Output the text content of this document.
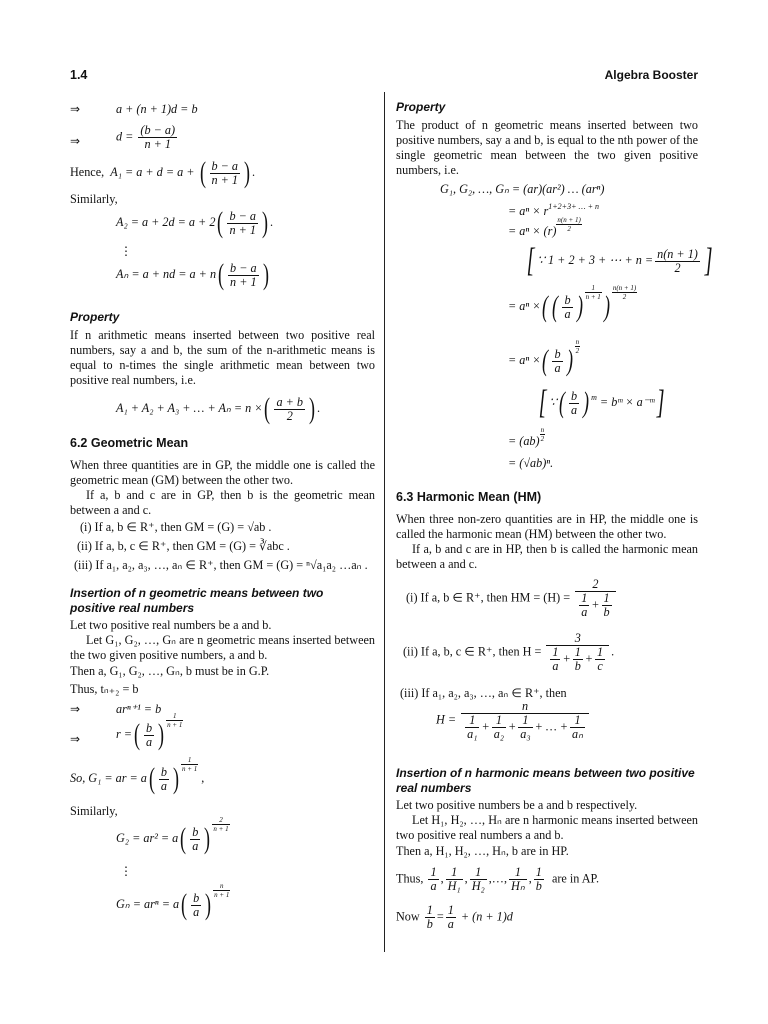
1.4	Algebra Booster
⇒	a + (n + 1)d = b
⇒	$d = \frac{(b - a)}{n + 1}$
Hence, A₁ = a + d = a + ( $\frac{b - a}{n + 1}$ ) .
Similarly,
$A_2 = a + 2d = a + 2( \frac{b - a}{n + 1}$ ) .
⋮
Aₙ = a + nd = $a + n( \frac{b - a}{n + 1}$ )
Property
If n arithmetic means inserted between two positive real numbers, say a and b, the sum of the n-arithmetic means is equal to n-times the single arithmetic mean between two positive real numbers, i.e.
A₁ + A₂ + A₃ + … + Aₙ = n ×( $\frac{a + b}{2}$ ) .
6.2 Geometric Mean
When three quantities are in GP, the middle one is called the geometric mean (GM) between the other two.
If a, b and c are in GP, then b is the geometric mean between a and c.
(i) If a, b ∈ R⁺, then GM = (G) = √ab .
(ii) If a, b, c ∈ R⁺, then GM = (G) = ∛abc .
(iii) If a₁, a₂, a₃, …, aₙ ∈ R⁺, then GM = (G) = ⁿ√a₁a₂ …aₙ .
Insertion of n geometric means between two positive real numbers
Let two positive real numbers be a and b.
Let G₁, G₂, …, Gₙ are n geometric means inserted between the two given positive numbers, a and b.
Then a, G₁, G₂, …, Gₙ, b must be in G.P.
Thus, tₙ₊₂ = b
⇒	arⁿ⁺¹ = b
⇒	r =( $\frac{b}{a}$ ) $\frac{1}{n + 1}$
So, G₁ = ar = $a( \frac{b}{a}$ ) $\frac{1}{n + 1}$
,
Similarly,
$G_2 = ar^2 = a( \frac{b}{a}$ ) $\frac{2}{n + 1}$
⋮
$G_n = ar^n = a( \frac{b}{a}$ ) $\frac{n}{n + 1}$
Property
The product of n geometric means inserted between two positive numbers, say a and b, is equal to the nth power of the single geometric mean between the two given positive numbers, i.e.
G₁, G₂, …, Gₙ = (ar)(ar²) … (arⁿ)
= $a^n \times r^{1+2+3+ \dots + n}$
= $a^n \times (r) \frac{n(n + 1)}{2}$
[ ∵ 1 + 2 + 3 + ⋯ + $n = \frac{n(n + 1)}{2}$ ]
= aⁿ ×( ( $\frac{b}{a}$ ) $\frac{1}{n + 1}$ ) $\frac{n(n + 1)}{2}$
= aⁿ ×( $\frac{b}{a}$ ) $\frac{n}{2}$
[ ∵( $\frac{b}{a}$ ) $^m$ = bᵐ × a⁻ᵐ]
= $(ab) \frac{n}{2}$
= (√ab)ⁿ.
6.3 Harmonic Mean (HM)
When three non-zero quantities are in HP, the middle one is called the harmonic mean (HM) between the other two.
If a, b and c are in HP, then b is called the harmonic mean between a and c.
(i) If a, b ∈ R⁺, then HM = $(H) = \frac{2}{\frac{1}{a} + \frac{1}{b}}$
(ii) If a, b, c ∈ R⁺, then $H = \frac{3}{\frac{1}{a} + \frac{1}{b} + \frac{1}{c}}$ .
(iii) If a₁, a₂, a₃, …, aₙ ∈ R⁺, then
$H = \frac{n}{\frac{1}{\text{a₁}} + \frac{1}{\text{a₂}} + \frac{1}{\text{a₃}} + \dots + \frac{1}{\text{aₙ}}}$
Insertion of n harmonic means between two positive real numbers
Let two positive numbers be a and b respectively.
Let H₁, H₂, …, Hₙ are n harmonic means inserted between two positive real numbers a and b.
Then a, H₁, H₂, …, Hₙ, b are in HP.
Thus, $\frac{1}{a}$ , $\frac{1}{\text{H₁}}$ , $\frac{1}{\text{H₂}}$ ,…, $\frac{1}{\text{Hₙ}}$ , $\frac{1}{b}$ are in AP.
Now $\frac{1}{b} = \frac{1}{a} + (n + 1)d$
